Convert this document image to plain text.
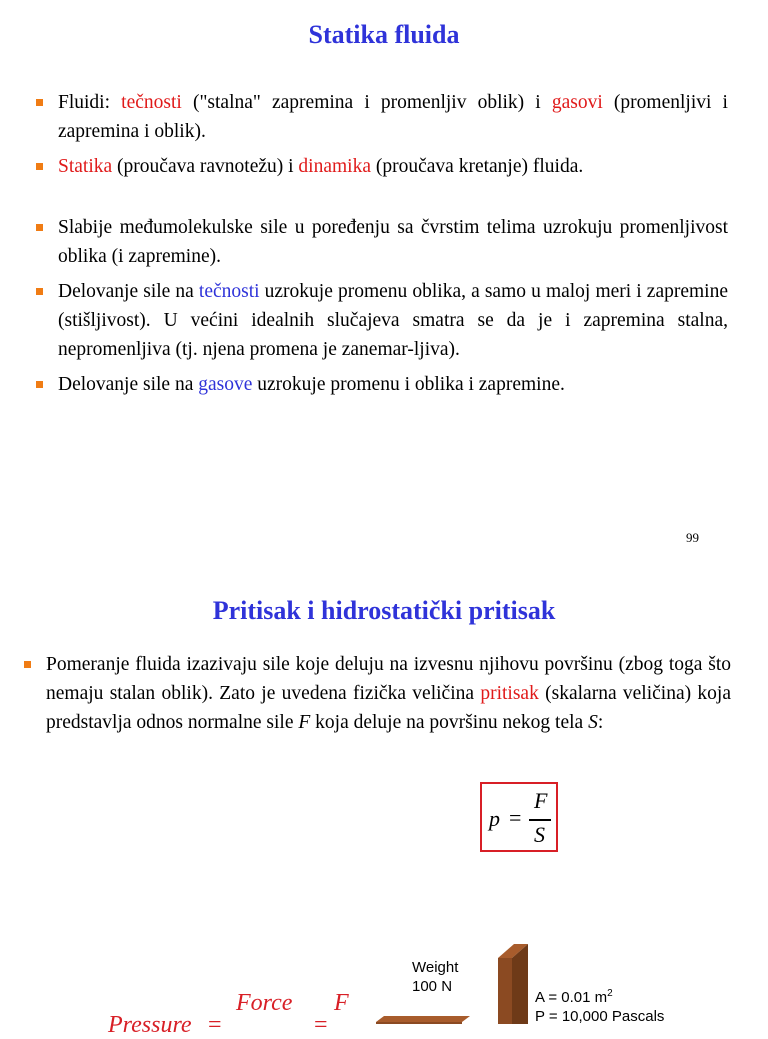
Statika fluida
Fluidi: tečnosti ("stalna" zapremina i promenljiv oblik) i gasovi (promenljivi i zapremina i oblik).
Statika (proučava ravnotežu) i dinamika (proučava kretanje) fluida.
Slabije međumolekulske sile u poređenju sa čvrstim telima uzrokuju promenljivost oblika (i zapremine).
Delovanje sile na tečnosti uzrokuje promenu oblika, a samo u maloj meri i zapremine (stišljivost). U većini idealnih slučajeva smatra se da je i zapremina stalna, nepromenljiva (tj. njena promena je zanemar-ljiva).
Delovanje sile na gasove uzrokuje promenu i oblika i zapremine.
99
Pritisak i hidrostatički pritisak
Pomeranje fluida izazivaju sile koje deluju na izvesnu njihovu površinu (zbog toga što nemaju stalan oblik). Zato je uvedena fizička veličina pritisak (skalarna veličina) koja predstavlja odnos normalne sile F koja deluje na površinu nekog tela S:
p =
F
S
Weight
100 N
A = 0.01 $m^2$
P = 10,000 Pascals
Pressure =
Force
=
F
